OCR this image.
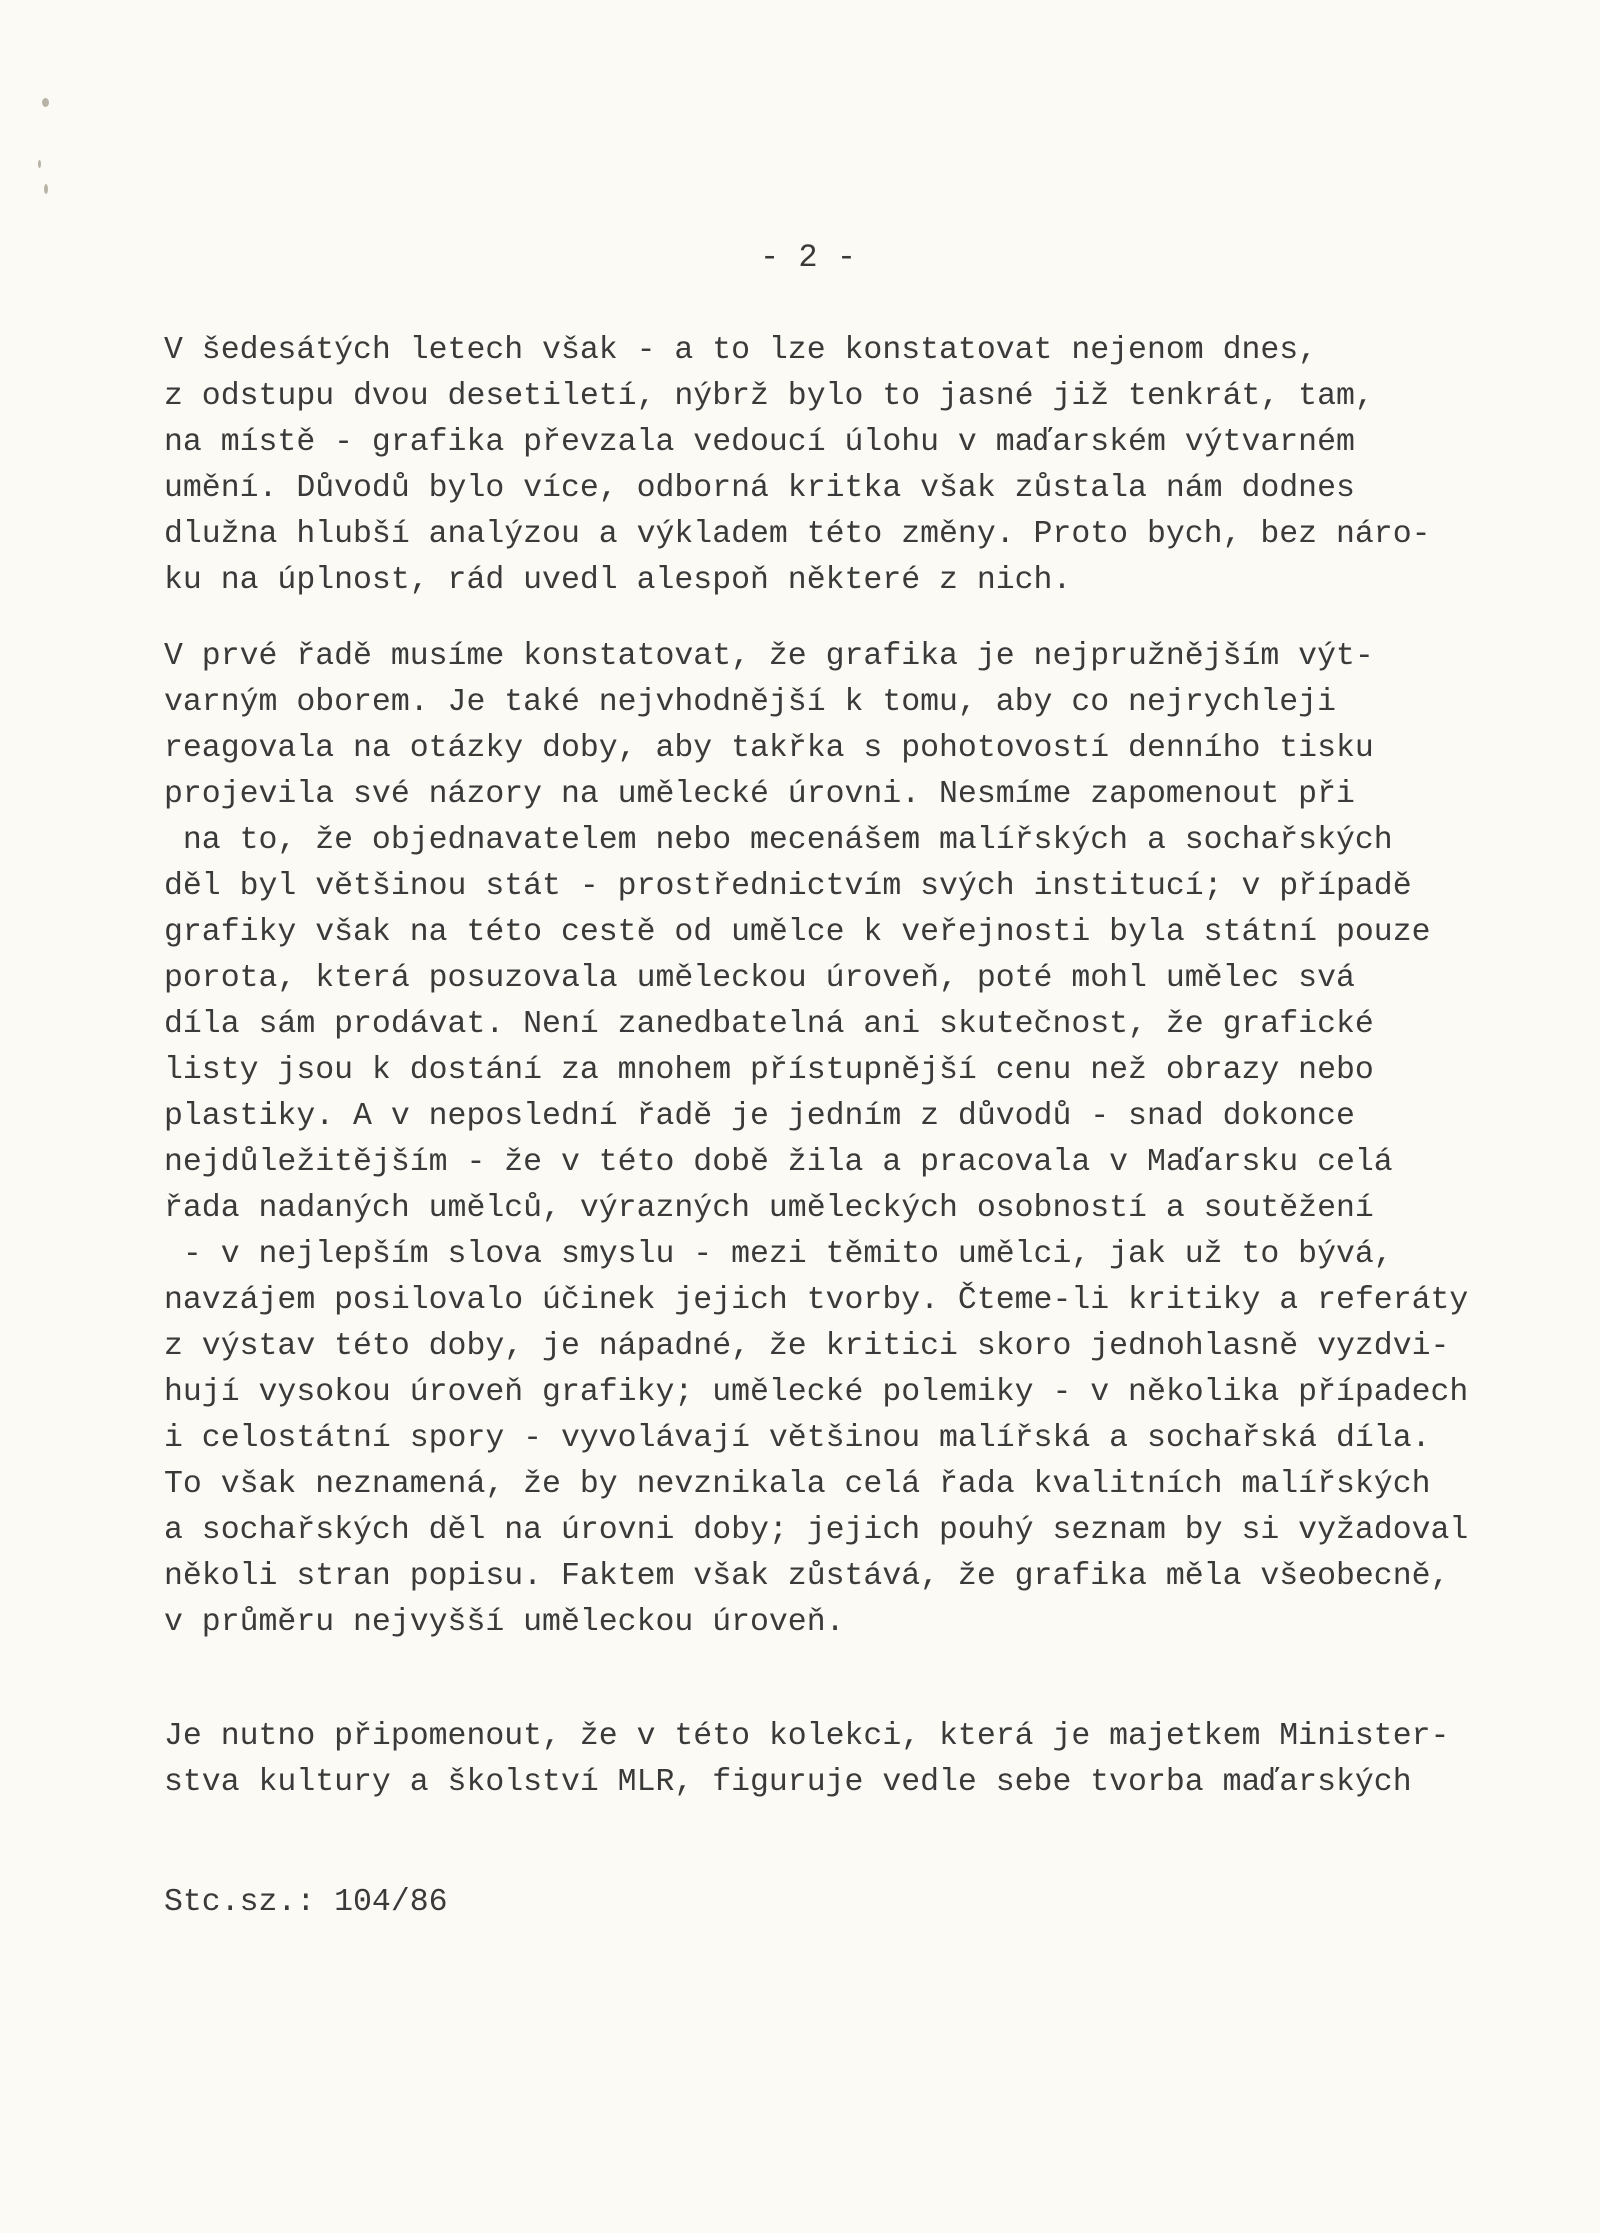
- 2 -
V šedesátých letech však - a to lze konstatovat nejenom dnes,
z odstupu dvou desetiletí, nýbrž bylo to jasné již tenkrát, tam,
na místě - grafika převzala vedoucí úlohu v maďarském výtvarném
umění. Důvodů bylo více, odborná kritka však zůstala nám dodnes
dlužna hlubší analýzou a výkladem této změny. Proto bych, bez náro-
ku na úplnost, rád uvedl alespoň některé z nich.
V prvé řadě musíme konstatovat, že grafika je nejpružnějším výt-
varným oborem. Je také nejvhodnější k tomu, aby co nejrychleji
reagovala na otázky doby, aby takřka s pohotovostí denního tisku
projevila své názory na umělecké úrovni. Nesmíme zapomenout při
na to, že objednavatelem nebo mecenášem malířských a sochařských
děl byl většinou stát - prostřednictvím svých institucí; v případě
grafiky však na této cestě od umělce k veřejnosti byla státní pouze
porota, která posuzovala uměleckou úroveň, poté mohl umělec svá
díla sám prodávat. Není zanedbatelná ani skutečnost, že grafické
listy jsou k dostání za mnohem přístupnější cenu než obrazy nebo
plastiky. A v neposlední řadě je jedním z důvodů - snad dokonce
nejdůležitějším - že v této době žila a pracovala v Maďarsku celá
řada nadaných umělců, výrazných uměleckých osobností a soutěžení
- v nejlepším slova smyslu - mezi těmito umělci, jak už to bývá,
navzájem posilovalo účinek jejich tvorby. Čteme-li kritiky a referáty
z výstav této doby, je nápadné, že kritici skoro jednohlasně vyzdvi-
hují vysokou úroveň grafiky; umělecké polemiky - v několika případech
i celostátní spory - vyvolávají většinou malířská a sochařská díla.
To však neznamená, že by nevznikala celá řada kvalitních malířských
a sochařských děl na úrovni doby; jejich pouhý seznam by si vyžadoval
několi stran popisu. Faktem však zůstává, že grafika měla všeobecně,
v průměru nejvyšší uměleckou úroveň.
Je nutno připomenout, že v této kolekci, která je majetkem Minister-
stva kultury a školství MLR, figuruje vedle sebe tvorba maďarských
Stc.sz.: 104/86
